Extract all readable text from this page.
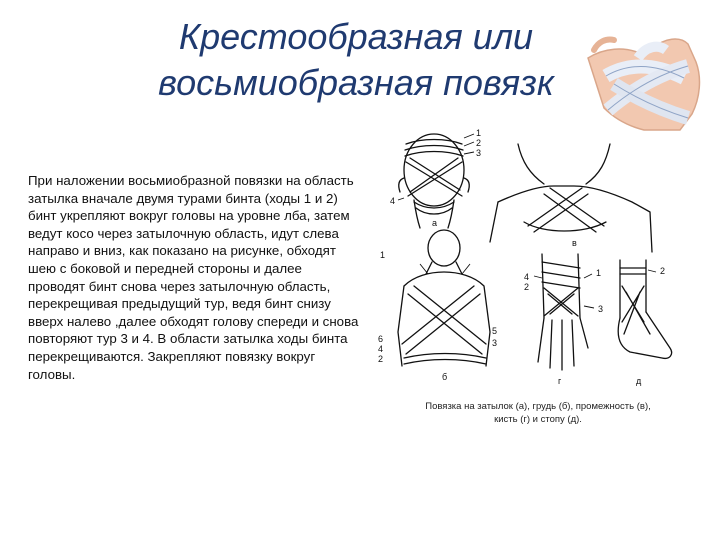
Крестообразная или
восьмиобразная повязк
При наложении восьмиобразной повязки на область затылка вначале двумя турами бинта (ходы 1 и 2) бинт укрепляют вокруг головы на уровне лба, затем ведут косо через затылочную область, идут слева направо и вниз, как показано на рисунке, обходят шею с боковой и передней стороны и далее проводят бинт снова через затылочную область, перекрещивая предыдущий тур, ведя бинт снизу вверх налево ,далее обходят голову спереди и снова повторяют тур 3 и 4. В области затылка ходы бинта перекрещиваются. Закрепляют повязку вокруг головы.
1
2
3
4
а
в
1
6
4
2
5
3
б
4
2
1
3
г
2
д
Повязка на затылок (а), грудь (б), промежность (в),
кисть (г) и стопу (д).
